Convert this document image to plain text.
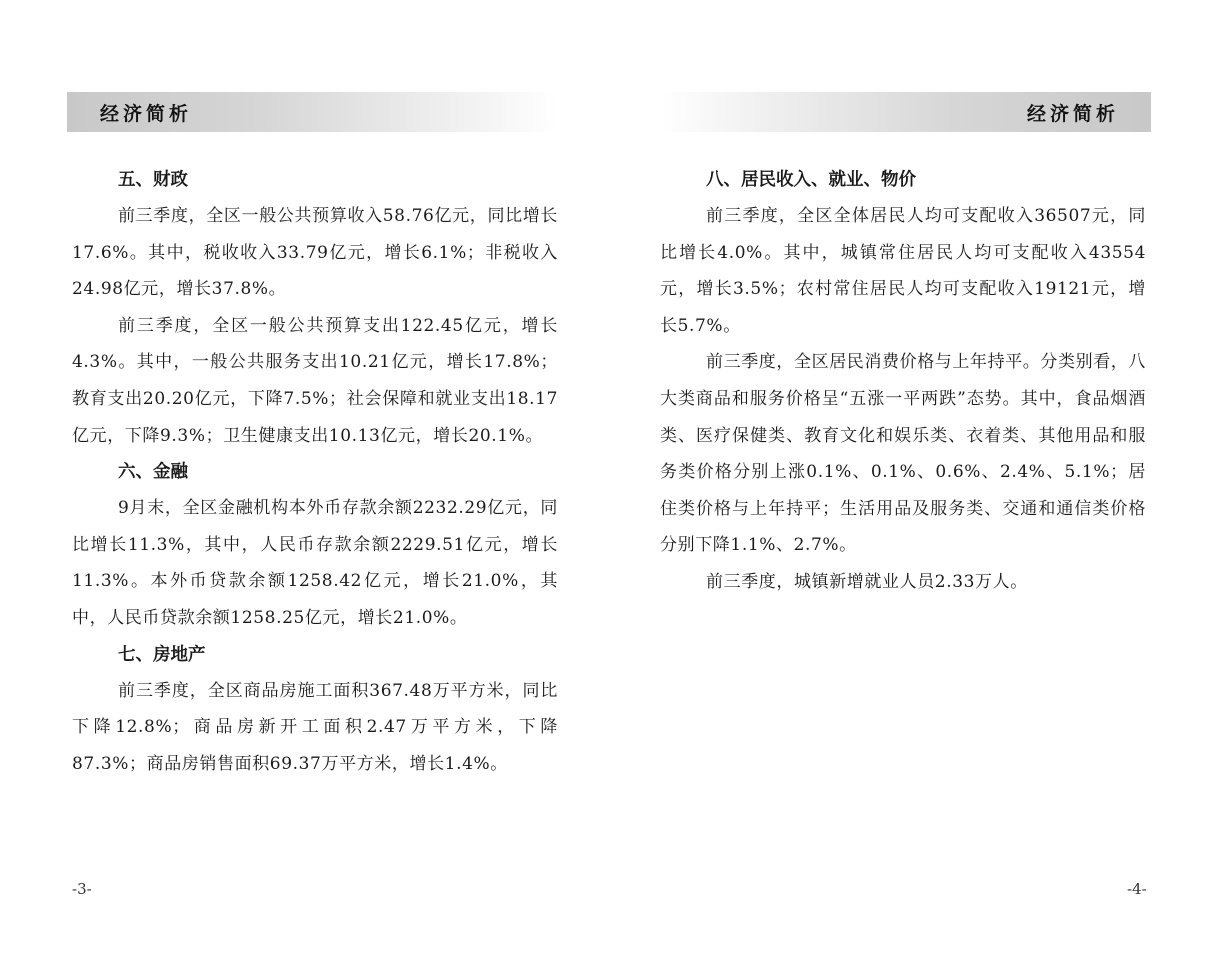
经济简析
五、财政

前三季度，全区一般公共预算收入58.76亿元，同比增长17.6%。其中，税收收入33.79亿元，增长6.1%；非税收入24.98亿元，增长37.8%。

前三季度，全区一般公共预算支出122.45亿元，增长4.3%。其中，一般公共服务支出10.21亿元，增长17.8%；教育支出20.20亿元，下降7.5%；社会保障和就业支出18.17亿元，下降9.3%；卫生健康支出10.13亿元，增长20.1%。

六、金融

9月末，全区金融机构本外币存款余额2232.29亿元，同比增长11.3%，其中，人民币存款余额2229.51亿元，增长11.3%。本外币贷款余额1258.42亿元，增长21.0%，其中，人民币贷款余额1258.25亿元，增长21.0%。

七、房地产

前三季度，全区商品房施工面积367.48万平方米，同比下降12.8%；商品房新开工面积2.47万平方米，下降87.3%；商品房销售面积69.37万平方米，增长1.4%。

-3-
经济简析
八、居民收入、就业、物价

前三季度，全区全体居民人均可支配收入36507元，同比增长4.0%。其中，城镇常住居民人均可支配收入43554元，增长3.5%；农村常住居民人均可支配收入19121元，增长5.7%。

前三季度，全区居民消费价格与上年持平。分类别看，八大类商品和服务价格呈“五涨一平两跌”态势。其中，食品烟酒类、医疗保健类、教育文化和娱乐类、衣着类、其他用品和服务类价格分别上涨0.1%、0.1%、0.6%、2.4%、5.1%；居住类价格与上年持平；生活用品及服务类、交通和通信类价格分别下降1.1%、2.7%。

前三季度，城镇新增就业人员2.33万人。

-4-
